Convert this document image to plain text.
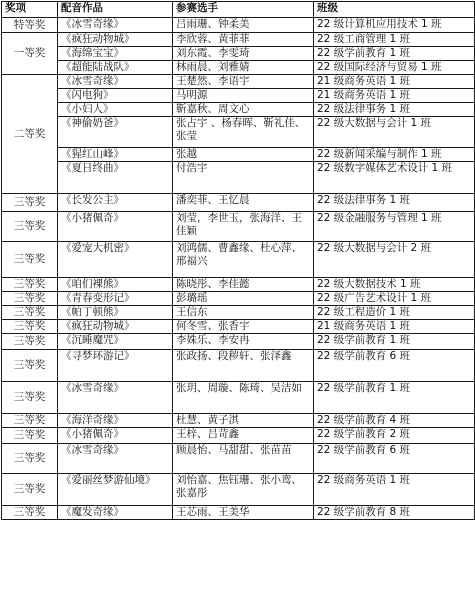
奖项	配音作品	参赛选手	班级
特等奖	《冰雪奇缘》	吕雨珊、钟柔美	22 级计算机应用技术 1 班
一等奖	《疯狂动物城》	李欣蓉、黄菲菲	22 级工商管理 1 班
	《海绵宝宝》	刘东霞、李雯琦	22 级学前教育 1 班
	《超能陆战队》	林雨晨、刘雅婧	22 级国际经济与贸易 1 班
二等奖	《冰雪奇缘》	王楚然、李语宇	21 级商务英语 1 班
	《闪电狗》	马明源	21 级商务英语 1 班
	《小妇人》	靳嘉秋、周文心	22 级法律事务 1 班
	《神偷奶爸》	张占宇 、杨春晖、靳礼佳、张莹	22 级大数据与会计 1 班
	《猩红山峰》	张越	22 级新闻采编与制作 1 班
	《夏日终曲》	付浩宇	22 级数字媒体艺术设计 1 班
三等奖	《长发公主》	潘奕菲、王忆晨	22 级法律事务 1 班
三等奖	《小猪佩奇》	刘莹，李世玉，张海洋、王佳颖	22 级金融服务与管理 1 班
三等奖	《爱宠大机密》	刘鸿儒、曹鑫缘、杜心萍、邢福兴	22 级大数据与会计 2 班
三等奖	《咱们裸熊》	陈晓彤、李佳懿	22 级大数据技术 1 班
三等奖	《青春变形记》	彭璐瑶	22 级广告艺术设计 1 班
三等奖	《帕丁顿熊》	王信东	22 级工程造价 1 班
三等奖	《疯狂动物城》	何冬雪、张香宇	21 级商务英语 1 班
三等奖	《沉睡魔咒》	李姝乐、李安冉	22 级学前教育 1 班
三等奖	《寻梦环游记》	张政扬、段秽轩、张泽鑫	22 级学前教育 6 班
三等奖	《冰雪奇缘》	张玥、周璇、陈琦、吴洁如	22 级学前教育 1 班
三等奖	《海洋奇缘》	杜慧、黄子淇	22 级学前教育 4 班
三等奖	《小猪佩奇》	王梓、吕苛鑫	22 级学前教育 2 班
三等奖	《冰雪奇缘》	顾晨怡、马甜甜、张苗苗	22 级学前教育 6 班
三等奖	《爱丽丝梦游仙境》	刘怡嘉、焦钰珊、张小鸾、张嘉彤	22 级商务英语 1 班
三等奖	《魔发奇缘》	王芯雨、王美华	22 级学前教育 8 班
